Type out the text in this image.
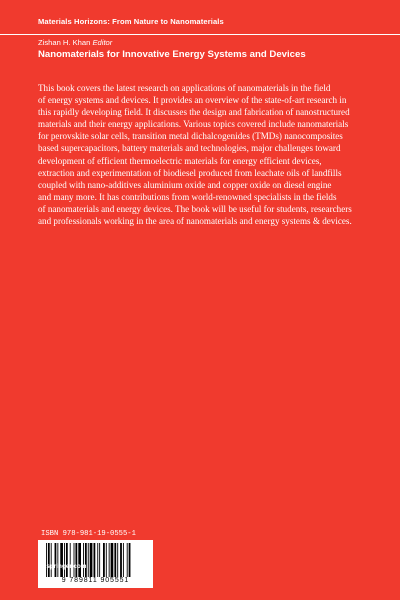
Materials Horizons: From Nature to Nanomaterials
Zishan H. Khan Editor
Nanomaterials for Innovative Energy Systems and Devices

This book covers the latest research on applications of nanomaterials in the field
of energy systems and devices. It provides an overview of the state-of-art research in
this rapidly developing field. It discusses the design and fabrication of nanostructured
materials and their energy applications. Various topics covered include nanomaterials
for perovskite solar cells, transition metal dichalcogenides (TMDs) nanocomposites
based supercapacitors, battery materials and technologies, major challenges toward
development of efficient thermoelectric materials for energy efficient devices,
extraction and experimentation of biodiesel produced from leachate oils of landfills
coupled with nano-additives aluminium oxide and copper oxide on diesel engine
and many more. It has contributions from world-renowned specialists in the fields
of nanomaterials and energy devices. The book will be useful for students, researchers
and professionals working in the area of nanomaterials and energy systems & devices.

ISBN 978-981-19-0555-1
9 789811 905551
► springer.com
